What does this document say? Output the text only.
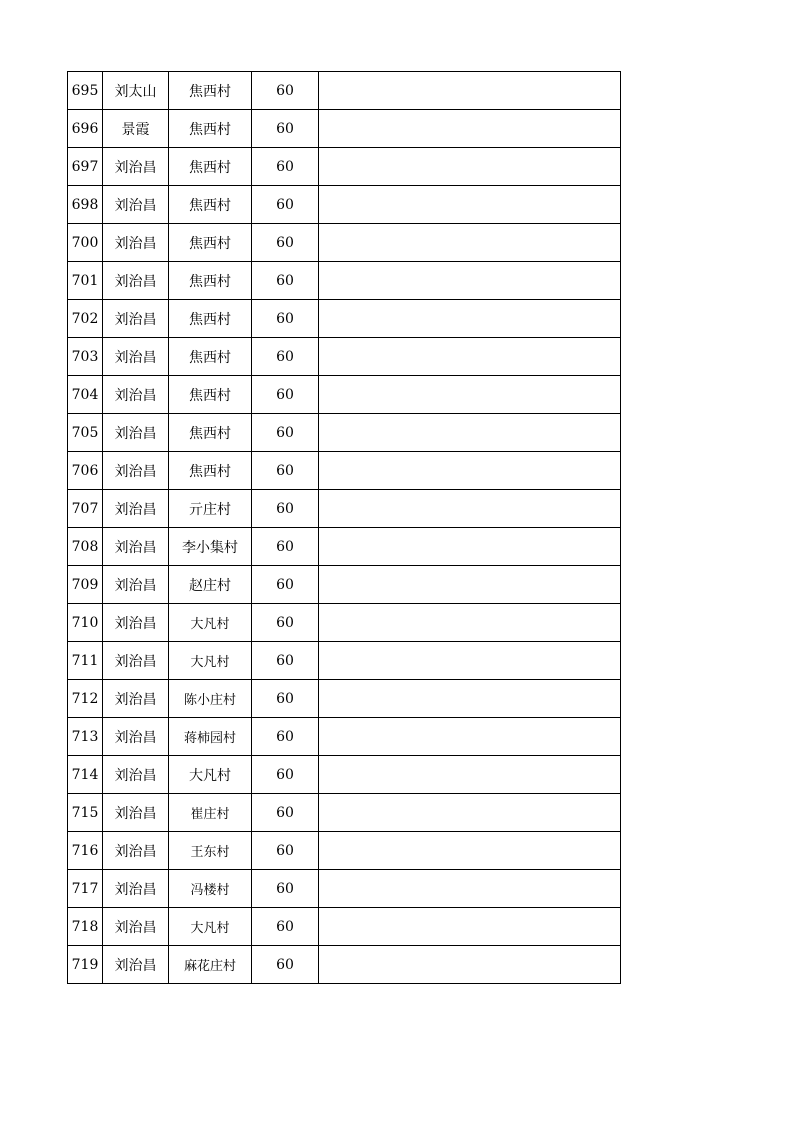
695	刘太山	焦西村	60	
696	景霞	焦西村	60	
697	刘治昌	焦西村	60	
698	刘治昌	焦西村	60	
700	刘治昌	焦西村	60	
701	刘治昌	焦西村	60	
702	刘治昌	焦西村	60	
703	刘治昌	焦西村	60	
704	刘治昌	焦西村	60	
705	刘治昌	焦西村	60	
706	刘治昌	焦西村	60	
707	刘治昌	亓庄村	60	
708	刘治昌	李小集村	60	
709	刘治昌	赵庄村	60	
710	刘治昌	大凡村	60	
711	刘治昌	大凡村	60	
712	刘治昌	陈小庄村	60	
713	刘治昌	蒋柿园村	60	
714	刘治昌	大凡村	60	
715	刘治昌	崔庄村	60	
716	刘治昌	王东村	60	
717	刘治昌	冯楼村	60	
718	刘治昌	大凡村	60	
719	刘治昌	麻花庄村	60	
